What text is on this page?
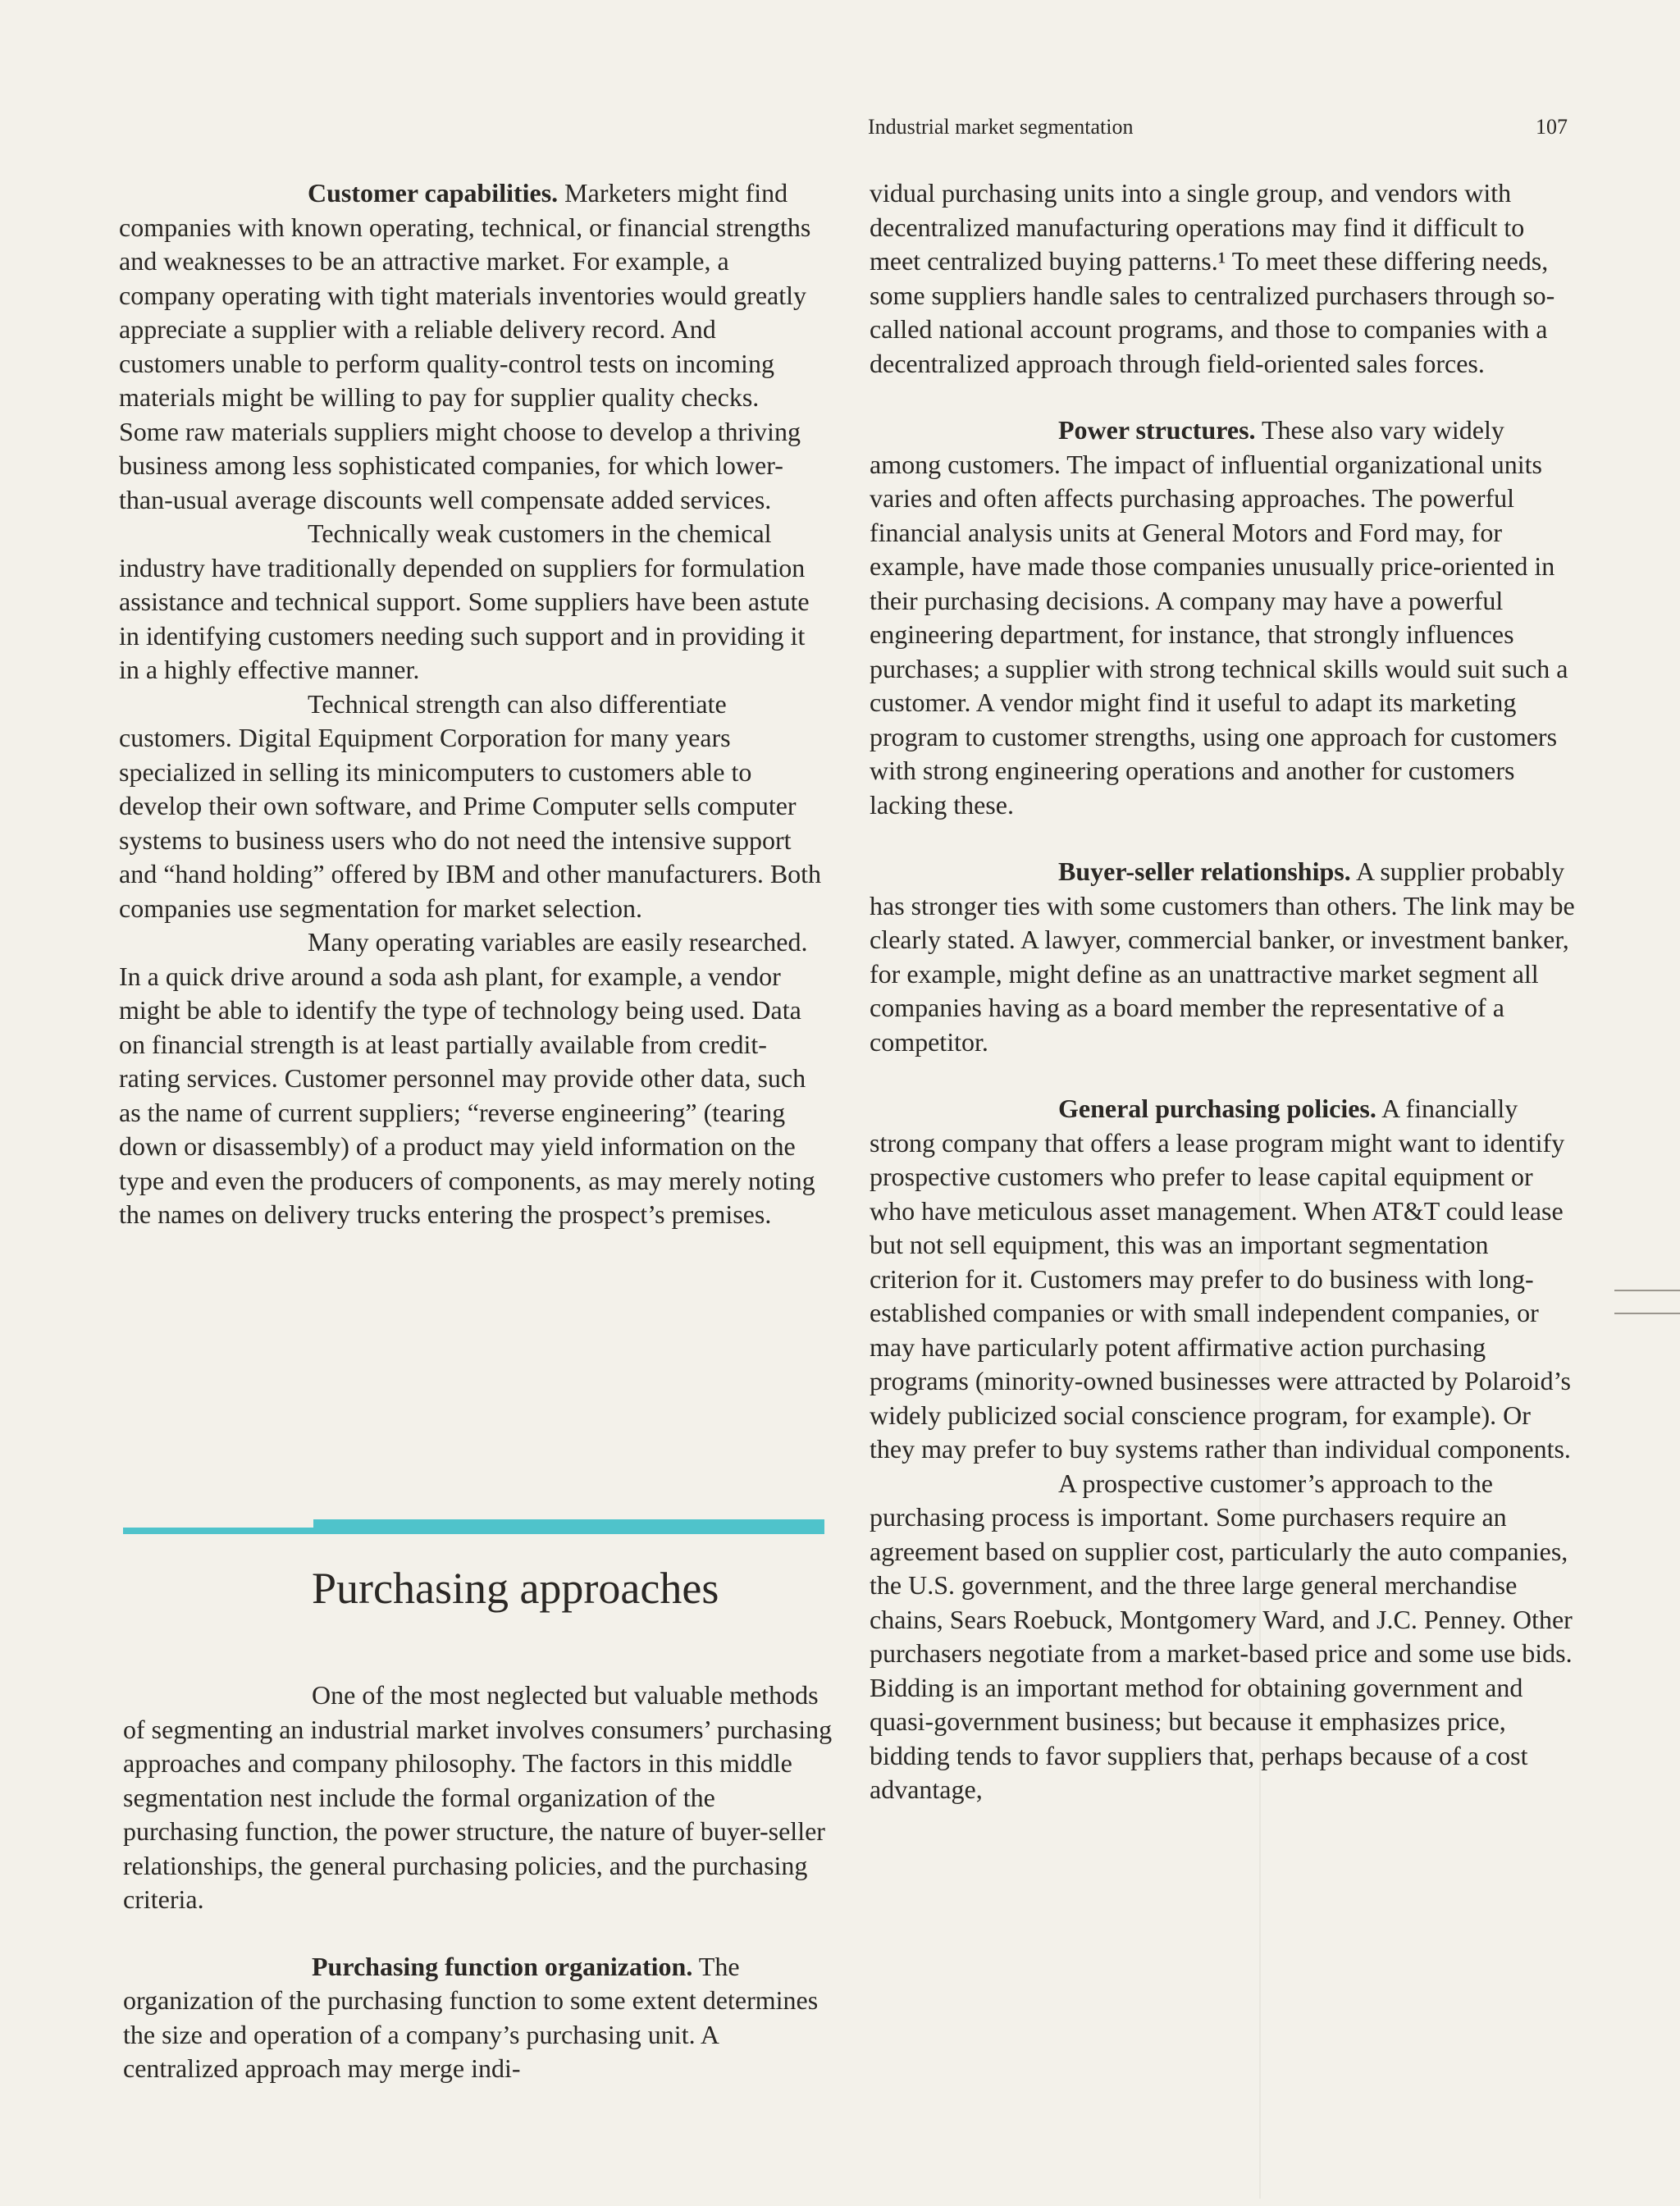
Industrial market segmentation	107

Customer capabilities. Marketers might find companies with known operating, technical, or financial strengths and weaknesses to be an attractive market. For example, a company operating with tight materials inventories would greatly appreciate a supplier with a reliable delivery record. And customers unable to perform quality-control tests on incoming materials might be willing to pay for supplier quality checks. Some raw materials suppliers might choose to develop a thriving business among less sophisticated companies, for which lower-than-usual average discounts well compensate added services.

Technically weak customers in the chemical industry have traditionally depended on suppliers for formulation assistance and technical support. Some suppliers have been astute in identifying customers needing such support and in providing it in a highly effective manner.

Technical strength can also differentiate customers. Digital Equipment Corporation for many years specialized in selling its minicomputers to customers able to develop their own software, and Prime Computer sells computer systems to business users who do not need the intensive support and “hand holding” offered by IBM and other manufacturers. Both companies use segmentation for market selection.

Many operating variables are easily researched. In a quick drive around a soda ash plant, for example, a vendor might be able to identify the type of technology being used. Data on financial strength is at least partially available from credit-rating services. Customer personnel may provide other data, such as the name of current suppliers; “reverse engineering” (tearing down or disassembly) of a product may yield information on the type and even the producers of components, as may merely noting the names on delivery trucks entering the prospect’s premises.

Purchasing approaches

One of the most neglected but valuable methods of segmenting an industrial market involves consumers’ purchasing approaches and company philosophy. The factors in this middle segmentation nest include the formal organization of the purchasing function, the power structure, the nature of buyer-seller relationships, the general purchasing policies, and the purchasing criteria.

Purchasing function organization. The organization of the purchasing function to some extent determines the size and operation of a company’s purchasing unit. A centralized approach may merge indi-

vidual purchasing units into a single group, and vendors with decentralized manufacturing operations may find it difficult to meet centralized buying patterns.¹ To meet these differing needs, some suppliers handle sales to centralized purchasers through so-called national account programs, and those to companies with a decentralized approach through field-oriented sales forces.

Power structures. These also vary widely among customers. The impact of influential organizational units varies and often affects purchasing approaches. The powerful financial analysis units at General Motors and Ford may, for example, have made those companies unusually price-oriented in their purchasing decisions. A company may have a powerful engineering department, for instance, that strongly influences purchases; a supplier with strong technical skills would suit such a customer. A vendor might find it useful to adapt its marketing program to customer strengths, using one approach for customers with strong engineering operations and another for customers lacking these.

Buyer-seller relationships. A supplier probably has stronger ties with some customers than others. The link may be clearly stated. A lawyer, commercial banker, or investment banker, for example, might define as an unattractive market segment all companies having as a board member the representative of a competitor.

General purchasing policies. A financially strong company that offers a lease program might want to identify prospective customers who prefer to lease capital equipment or who have meticulous asset management. When AT&T could lease but not sell equipment, this was an important segmentation criterion for it. Customers may prefer to do business with long-established companies or with small independent companies, or may have particularly potent affirmative action purchasing programs (minority-owned businesses were attracted by Polaroid’s widely publicized social conscience program, for example). Or they may prefer to buy systems rather than individual components.

A prospective customer’s approach to the purchasing process is important. Some purchasers require an agreement based on supplier cost, particularly the auto companies, the U.S. government, and the three large general merchandise chains, Sears Roebuck, Montgomery Ward, and J.C. Penney. Other purchasers negotiate from a market-based price and some use bids. Bidding is an important method for obtaining government and quasi-government business; but because it emphasizes price, bidding tends to favor suppliers that, perhaps because of a cost advantage,
